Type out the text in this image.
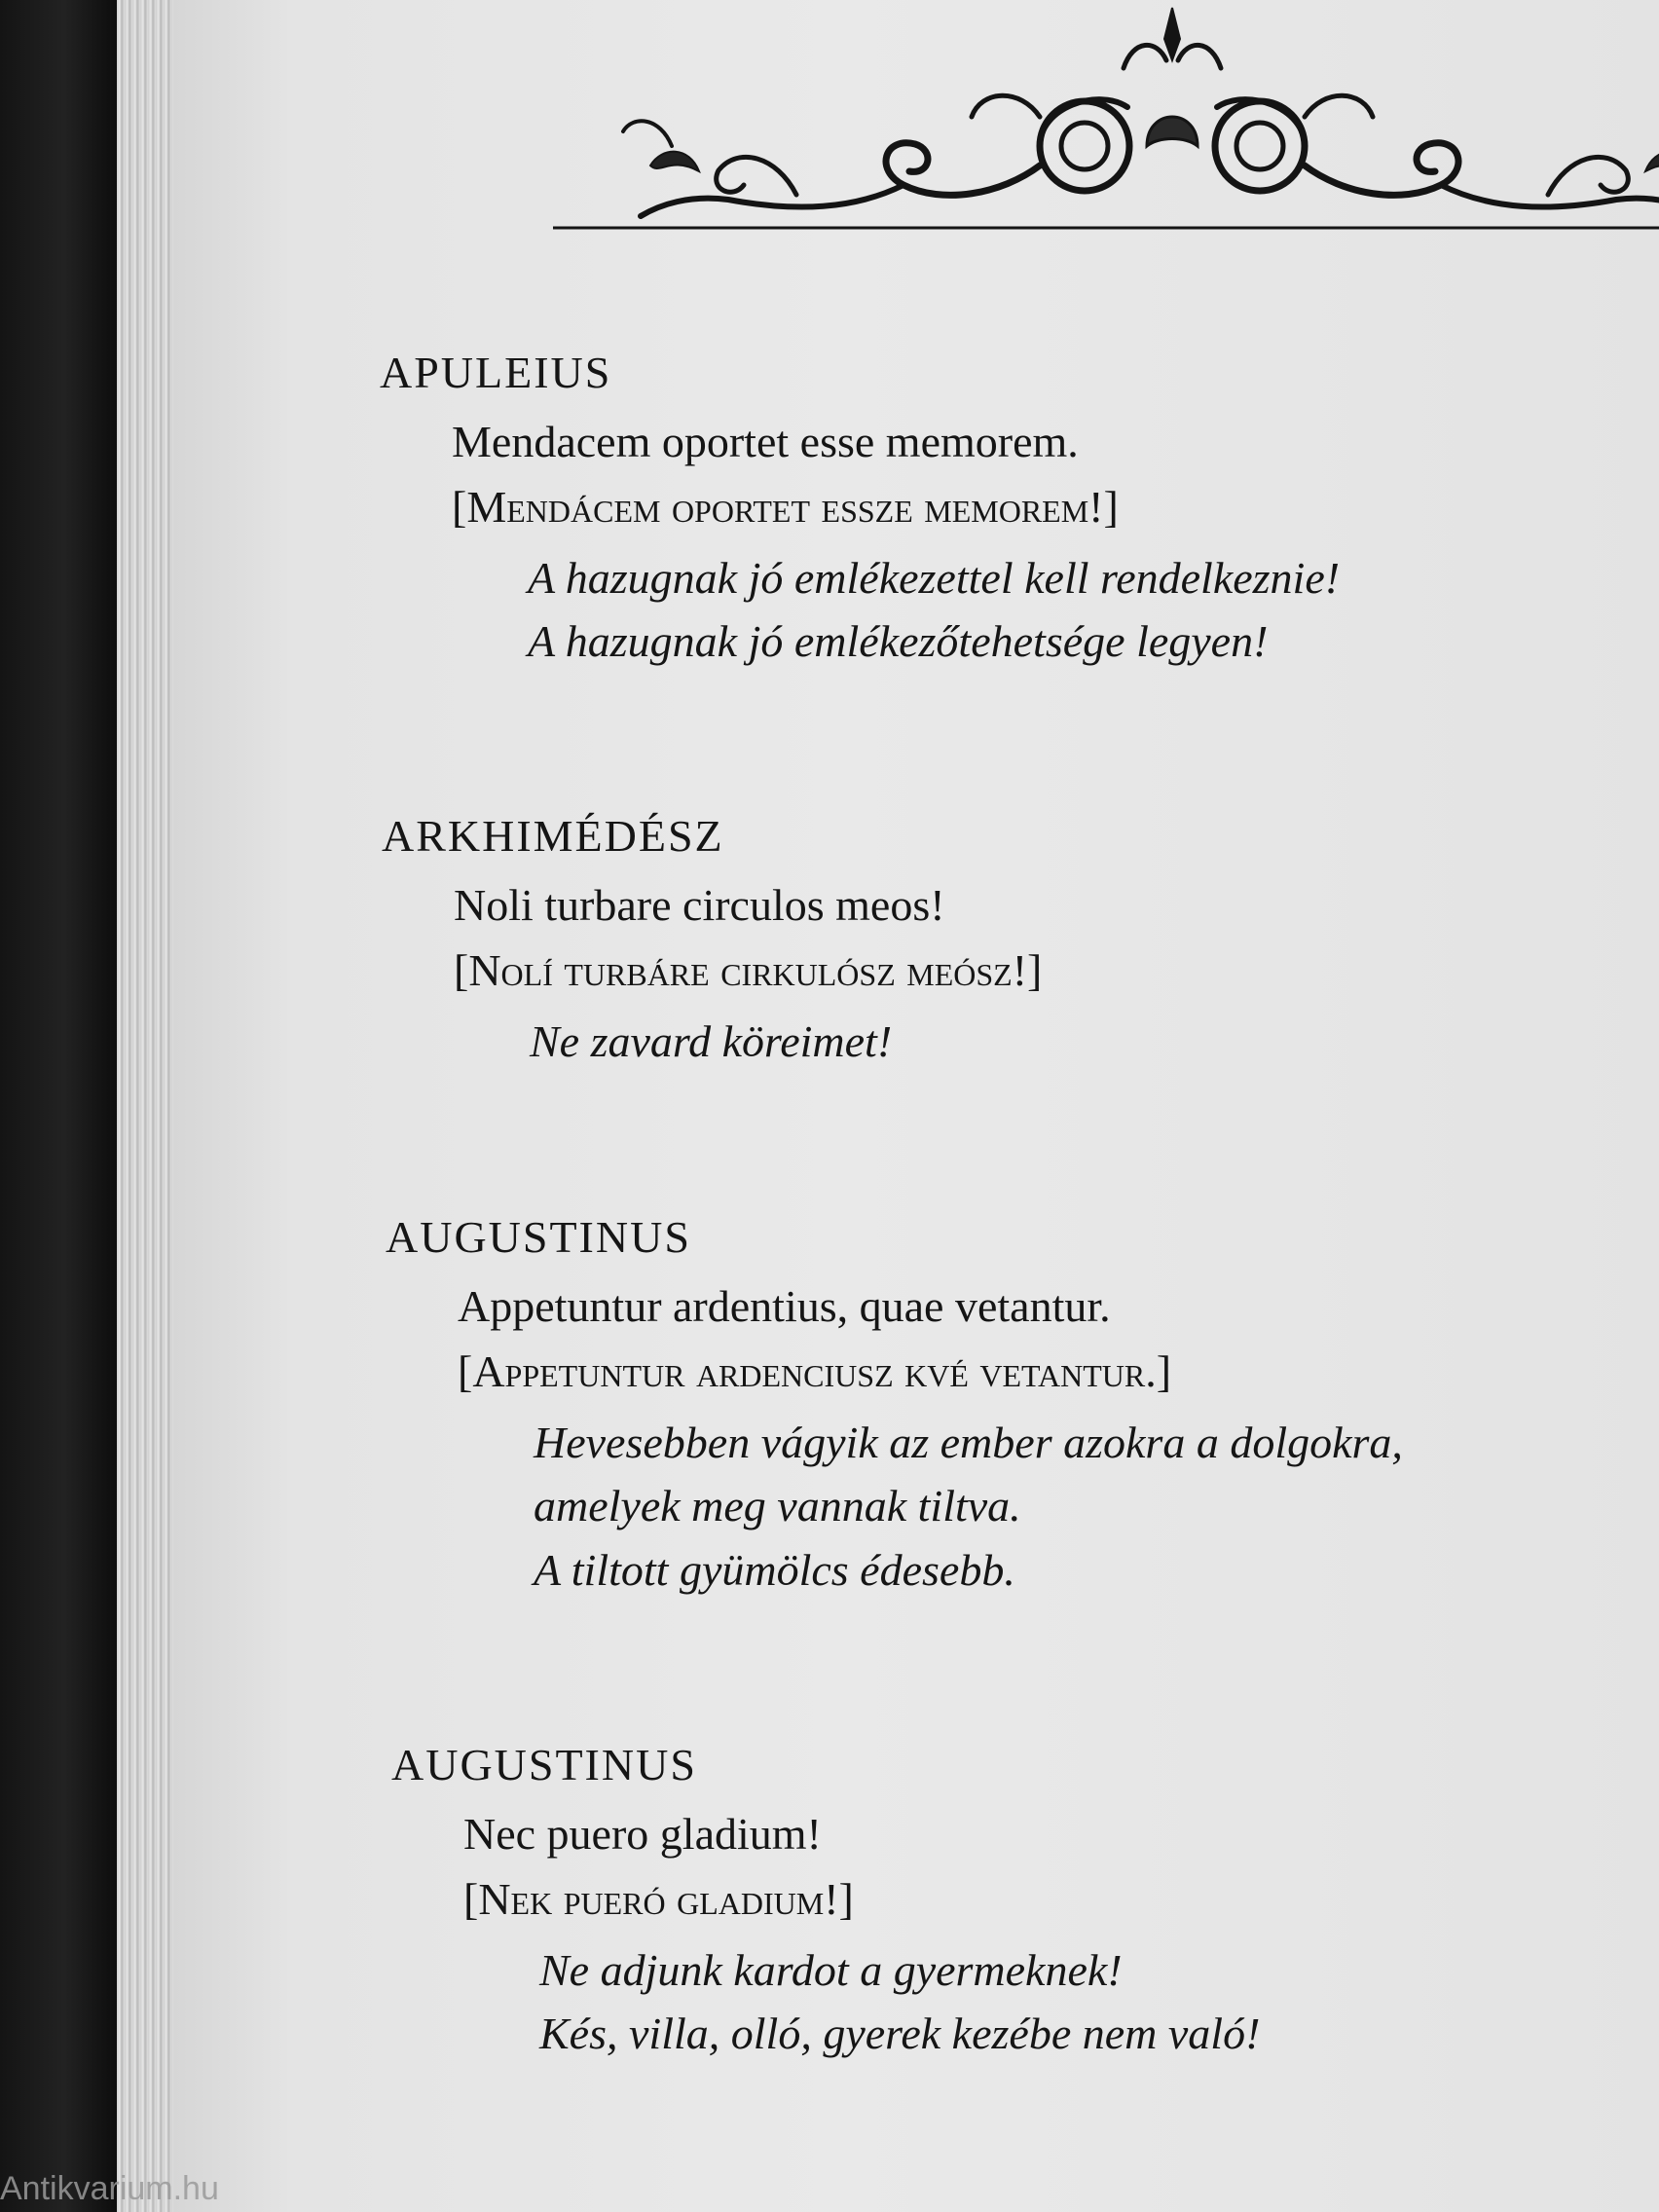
APULEIUS
Mendacem oportet esse memorem.
[Mendácem oportet essze memorem!]
A hazugnak jó emlékezettel kell rendelkeznie!
A hazugnak jó emlékezőtehetsége legyen!
ARKHIMÉDÉSZ
Noli turbare circulos meos!
[Nolí turbáre cirkulósz meósz!]
Ne zavard köreimet!
AUGUSTINUS
Appetuntur ardentius, quae vetantur.
[Appetuntur ardenciusz kvé vetantur.]
Hevesebben vágyik az ember azokra a dolgokra,
amelyek meg vannak tiltva.
A tiltott gyümölcs édesebb.
AUGUSTINUS
Nec puero gladium!
[Nek pueró gladium!]
Ne adjunk kardot a gyermeknek!
Kés, villa, olló, gyerek kezébe nem való!
Antikvarium.hu
